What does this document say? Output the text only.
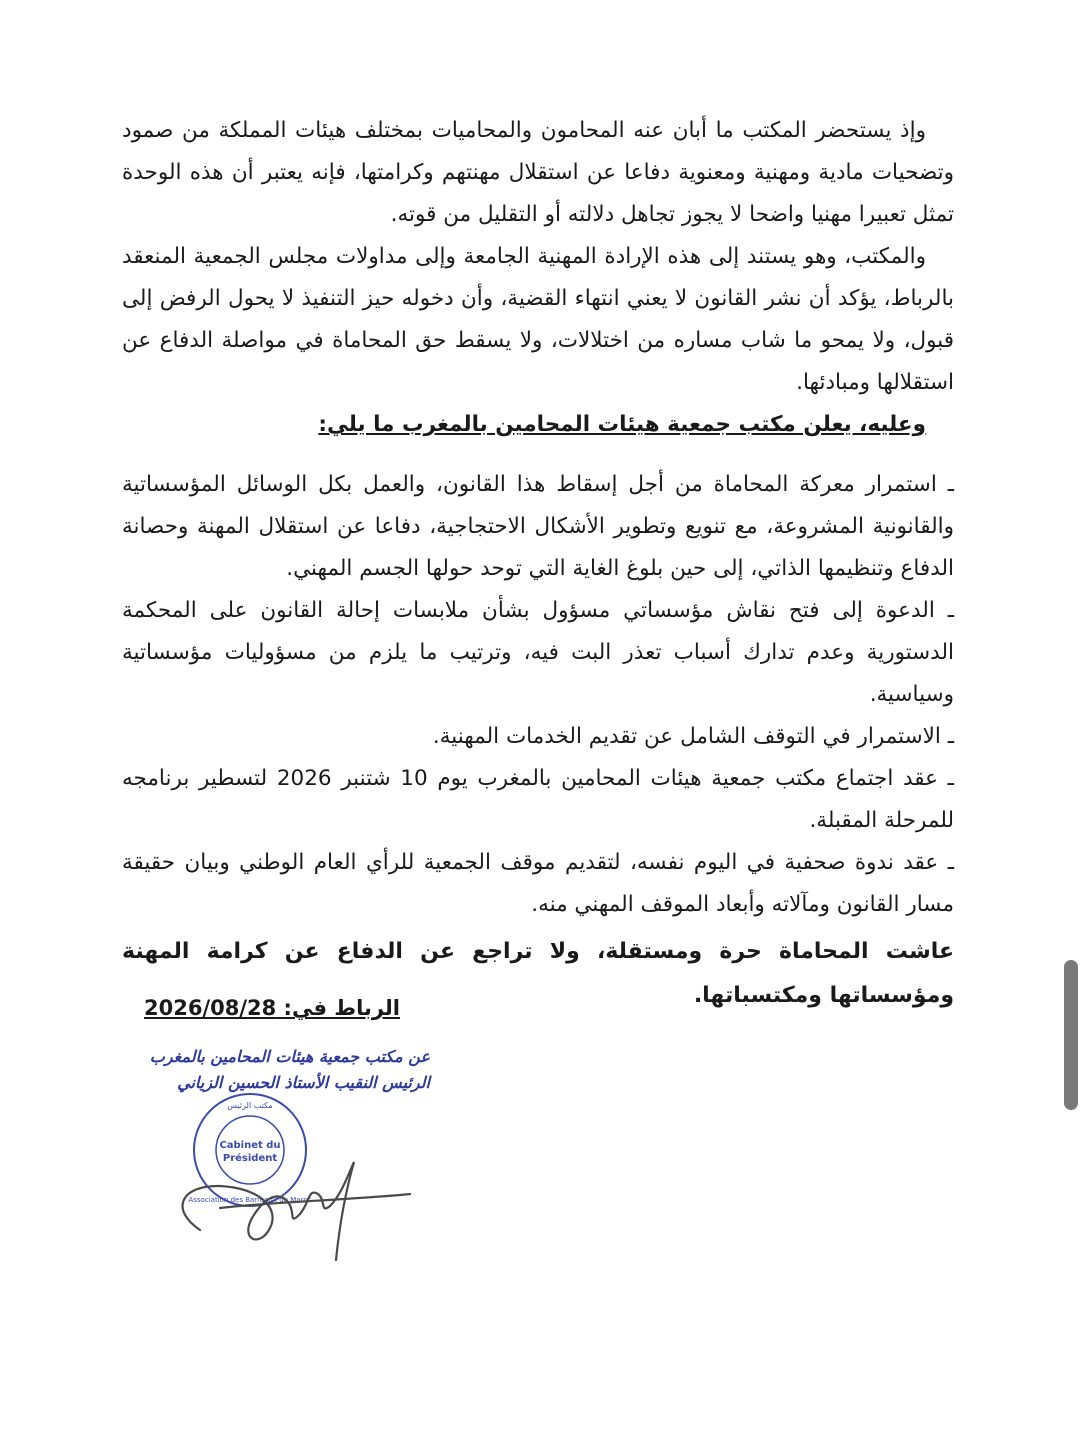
وإذ يستحضر المكتب ما أبان عنه المحامون والمحاميات بمختلف هيئات المملكة من صمود وتضحيات مادية ومهنية ومعنوية دفاعا عن استقلال مهنتهم وكرامتها، فإنه يعتبر أن هذه الوحدة تمثل تعبيرا مهنيا واضحا لا يجوز تجاهل دلالته أو التقليل من قوته.

والمكتب، وهو يستند إلى هذه الإرادة المهنية الجامعة وإلى مداولات مجلس الجمعية المنعقد بالرباط، يؤكد أن نشر القانون لا يعني انتهاء القضية، وأن دخوله حيز التنفيذ لا يحول الرفض إلى قبول، ولا يمحو ما شاب مساره من اختلالات، ولا يسقط حق المحاماة في مواصلة الدفاع عن استقلالها ومبادئها.

وعليه، يعلن مكتب جمعية هيئات المحامين بالمغرب ما يلي:

ـ استمرار معركة المحاماة من أجل إسقاط هذا القانون، والعمل بكل الوسائل المؤسساتية والقانونية المشروعة، مع تنويع وتطوير الأشكال الاحتجاجية، دفاعا عن استقلال المهنة وحصانة الدفاع وتنظيمها الذاتي، إلى حين بلوغ الغاية التي توحد حولها الجسم المهني.

ـ الدعوة إلى فتح نقاش مؤسساتي مسؤول بشأن ملابسات إحالة القانون على المحكمة الدستورية وعدم تدارك أسباب تعذر البت فيه، وترتيب ما يلزم من مسؤوليات مؤسساتية وسياسية.

ـ الاستمرار في التوقف الشامل عن تقديم الخدمات المهنية.

ـ عقد اجتماع مكتب جمعية هيئات المحامين بالمغرب يوم 10 شتنبر 2026 لتسطير برنامجه للمرحلة المقبلة.

ـ عقد ندوة صحفية في اليوم نفسه، لتقديم موقف الجمعية للرأي العام الوطني وبيان حقيقة مسار القانون ومآلاته وأبعاد الموقف المهني منه.

عاشت المحاماة حرة ومستقلة، ولا تراجع عن الدفاع عن كرامة المهنة ومؤسساتها ومكتسباتها.

الرباط في: 2026/08/28
عن مكتب جمعية هيئات المحامين بالمغرب
الرئيس النقيب الأستاذ الحسين الزياني
Cabinet du
Président
مكتب الرئيس
Association des Barreaux du Maroc
